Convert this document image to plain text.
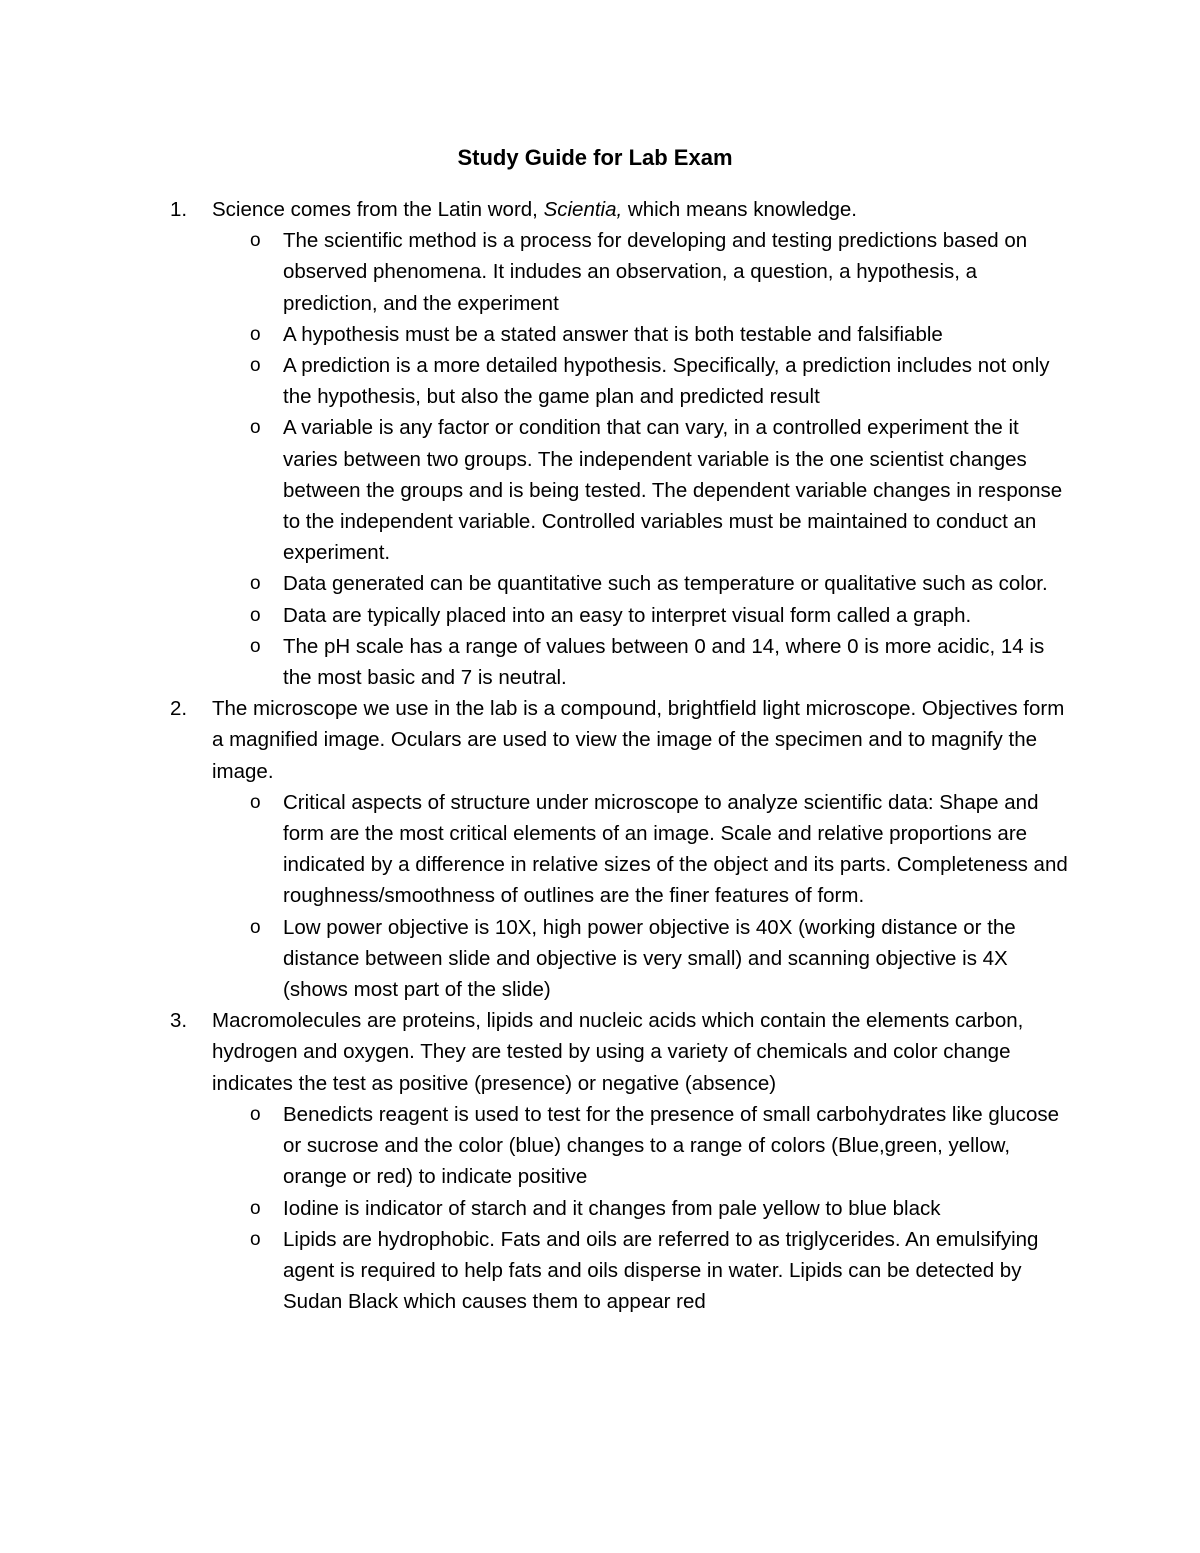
Study Guide for Lab Exam
1. Science comes from the Latin word, Scientia, which means knowledge.
o The scientific method is a process for developing and testing predictions based on observed phenomena. It indudes an observation, a question, a hypothesis, a prediction, and the experiment
o A hypothesis must be a stated answer that is both testable and falsifiable
o A prediction is a more detailed hypothesis. Specifically, a prediction includes not only the hypothesis, but also the game plan and predicted result
o A variable is any factor or condition that can vary, in a controlled experiment the it varies between two groups. The independent variable is the one scientist changes between the groups and is being tested. The dependent variable changes in response to the independent variable. Controlled variables must be maintained to conduct an experiment.
o Data generated can be quantitative such as temperature or qualitative such as color.
o Data are typically placed into an easy to interpret visual form called a graph.
o The pH scale has a range of values between 0 and 14, where 0 is more acidic, 14 is the most basic and 7 is neutral.
2. The microscope we use in the lab is a compound, brightfield light microscope. Objectives form a magnified image. Oculars are used to view the image of the specimen and to magnify the image.
o Critical aspects of structure under microscope to analyze scientific data: Shape and form are the most critical elements of an image. Scale and relative proportions are indicated by a difference in relative sizes of the object and its parts. Completeness and roughness/smoothness of outlines are the finer features of form.
o Low power objective is 10X, high power objective is 40X (working distance or the distance between slide and objective is very small) and scanning objective is 4X (shows most part of the slide)
3. Macromolecules are proteins, lipids and nucleic acids which contain the elements carbon, hydrogen and oxygen. They are tested by using a variety of chemicals and color change indicates the test as positive (presence) or negative (absence)
o Benedicts reagent is used to test for the presence of small carbohydrates like glucose or sucrose and the color (blue) changes to a range of colors (Blue,green, yellow, orange or red) to indicate positive
o Iodine is indicator of starch and it changes from pale yellow to blue black
o Lipids are hydrophobic. Fats and oils are referred to as triglycerides. An emulsifying agent is required to help fats and oils disperse in water. Lipids can be detected by Sudan Black which causes them to appear red
